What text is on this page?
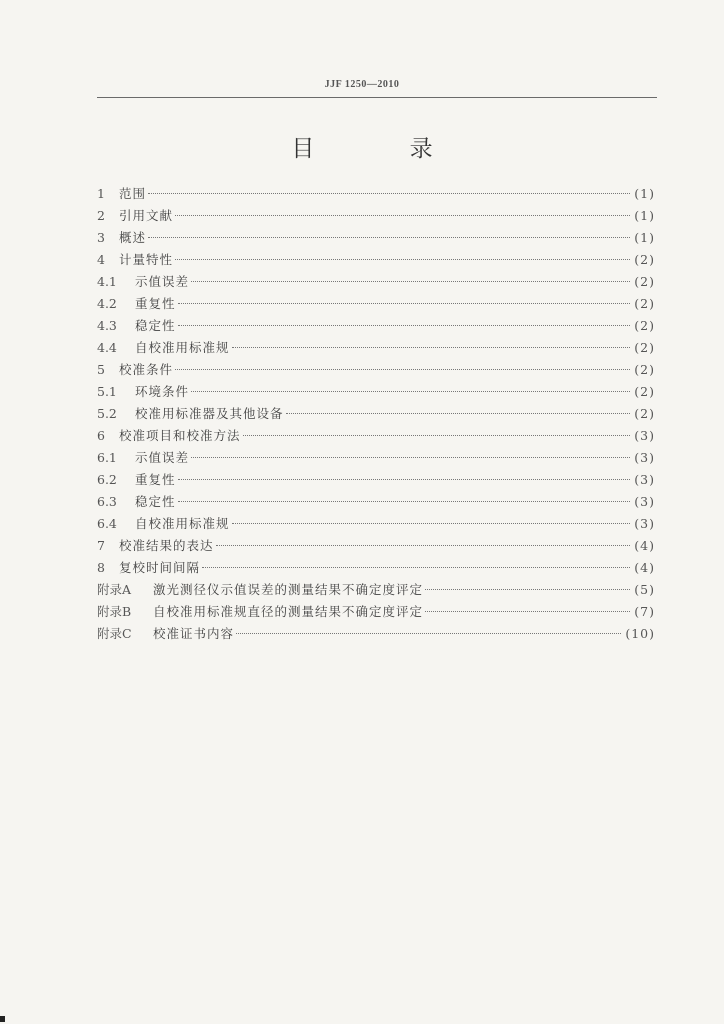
JJF 1250—2010
目 录
1	范围	(1)
2	引用文献	(1)
3	概述	(1)
4	计量特性	(2)
4.1	示值误差	(2)
4.2	重复性	(2)
4.3	稳定性	(2)
4.4	自校准用标准规	(2)
5	校准条件	(2)
5.1	环境条件	(2)
5.2	校准用标准器及其他设备	(2)
6	校准项目和校准方法	(3)
6.1	示值误差	(3)
6.2	重复性	(3)
6.3	稳定性	(3)
6.4	自校准用标准规	(3)
7	校准结果的表达	(4)
8	复校时间间隔	(4)
附录A	激光测径仪示值误差的测量结果不确定度评定	(5)
附录B	自校准用标准规直径的测量结果不确定度评定	(7)
附录C	校准证书内容	(10)
